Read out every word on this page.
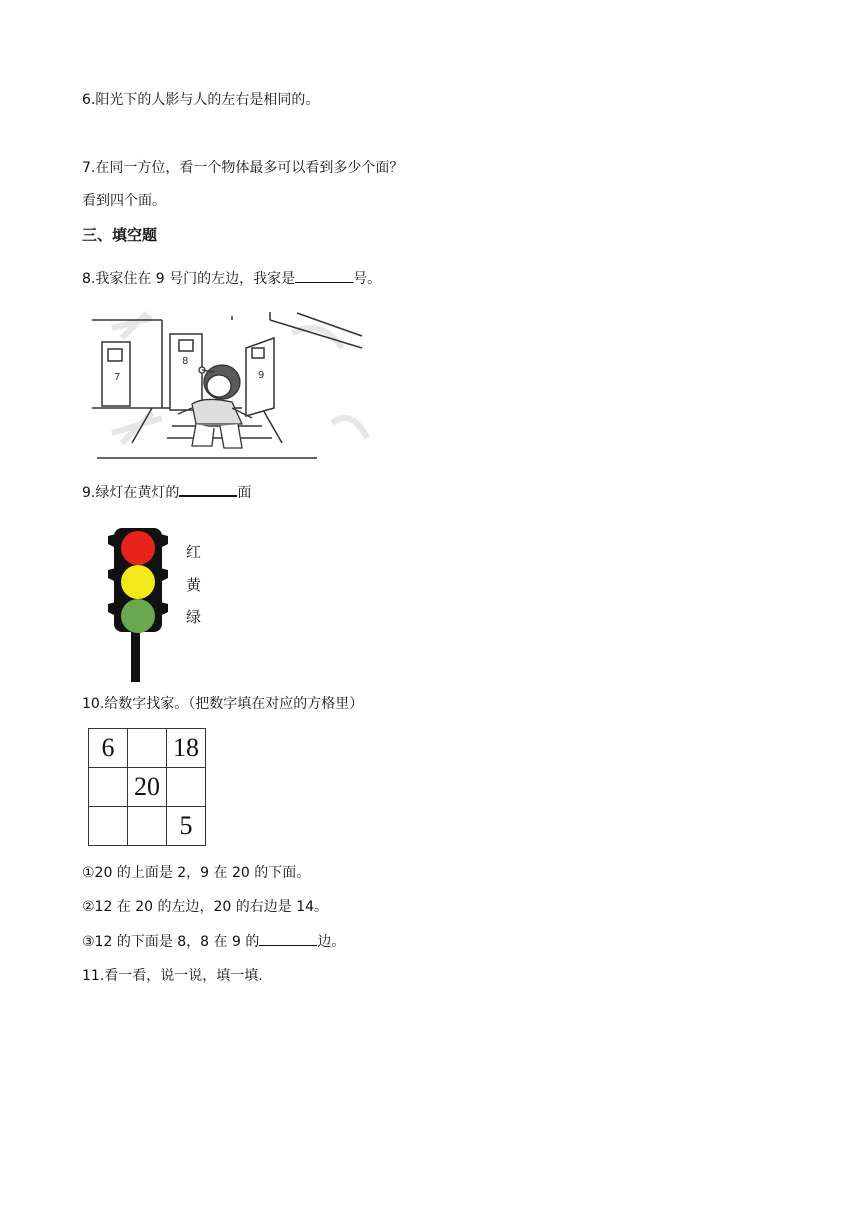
6.阳光下的人影与人的左右是相同的。
7.在同一方位，看一个物体最多可以看到多少个面？
看到四个面。
三、填空题
8.我家住在 9 号门的左边，我家是	号。
7
8
9
9.绿灯在黄灯的	面
红
黄
绿
10.给数字找家。（把数字填在对应的方格里）
6		18
	20	
		5
①20 的上面是 2，9 在 20 的下面。
②12 在 20 的左边，20 的右边是 14。
③12 的下面是 8，8 在 9 的	边。
11.看一看，说一说，填一填.
